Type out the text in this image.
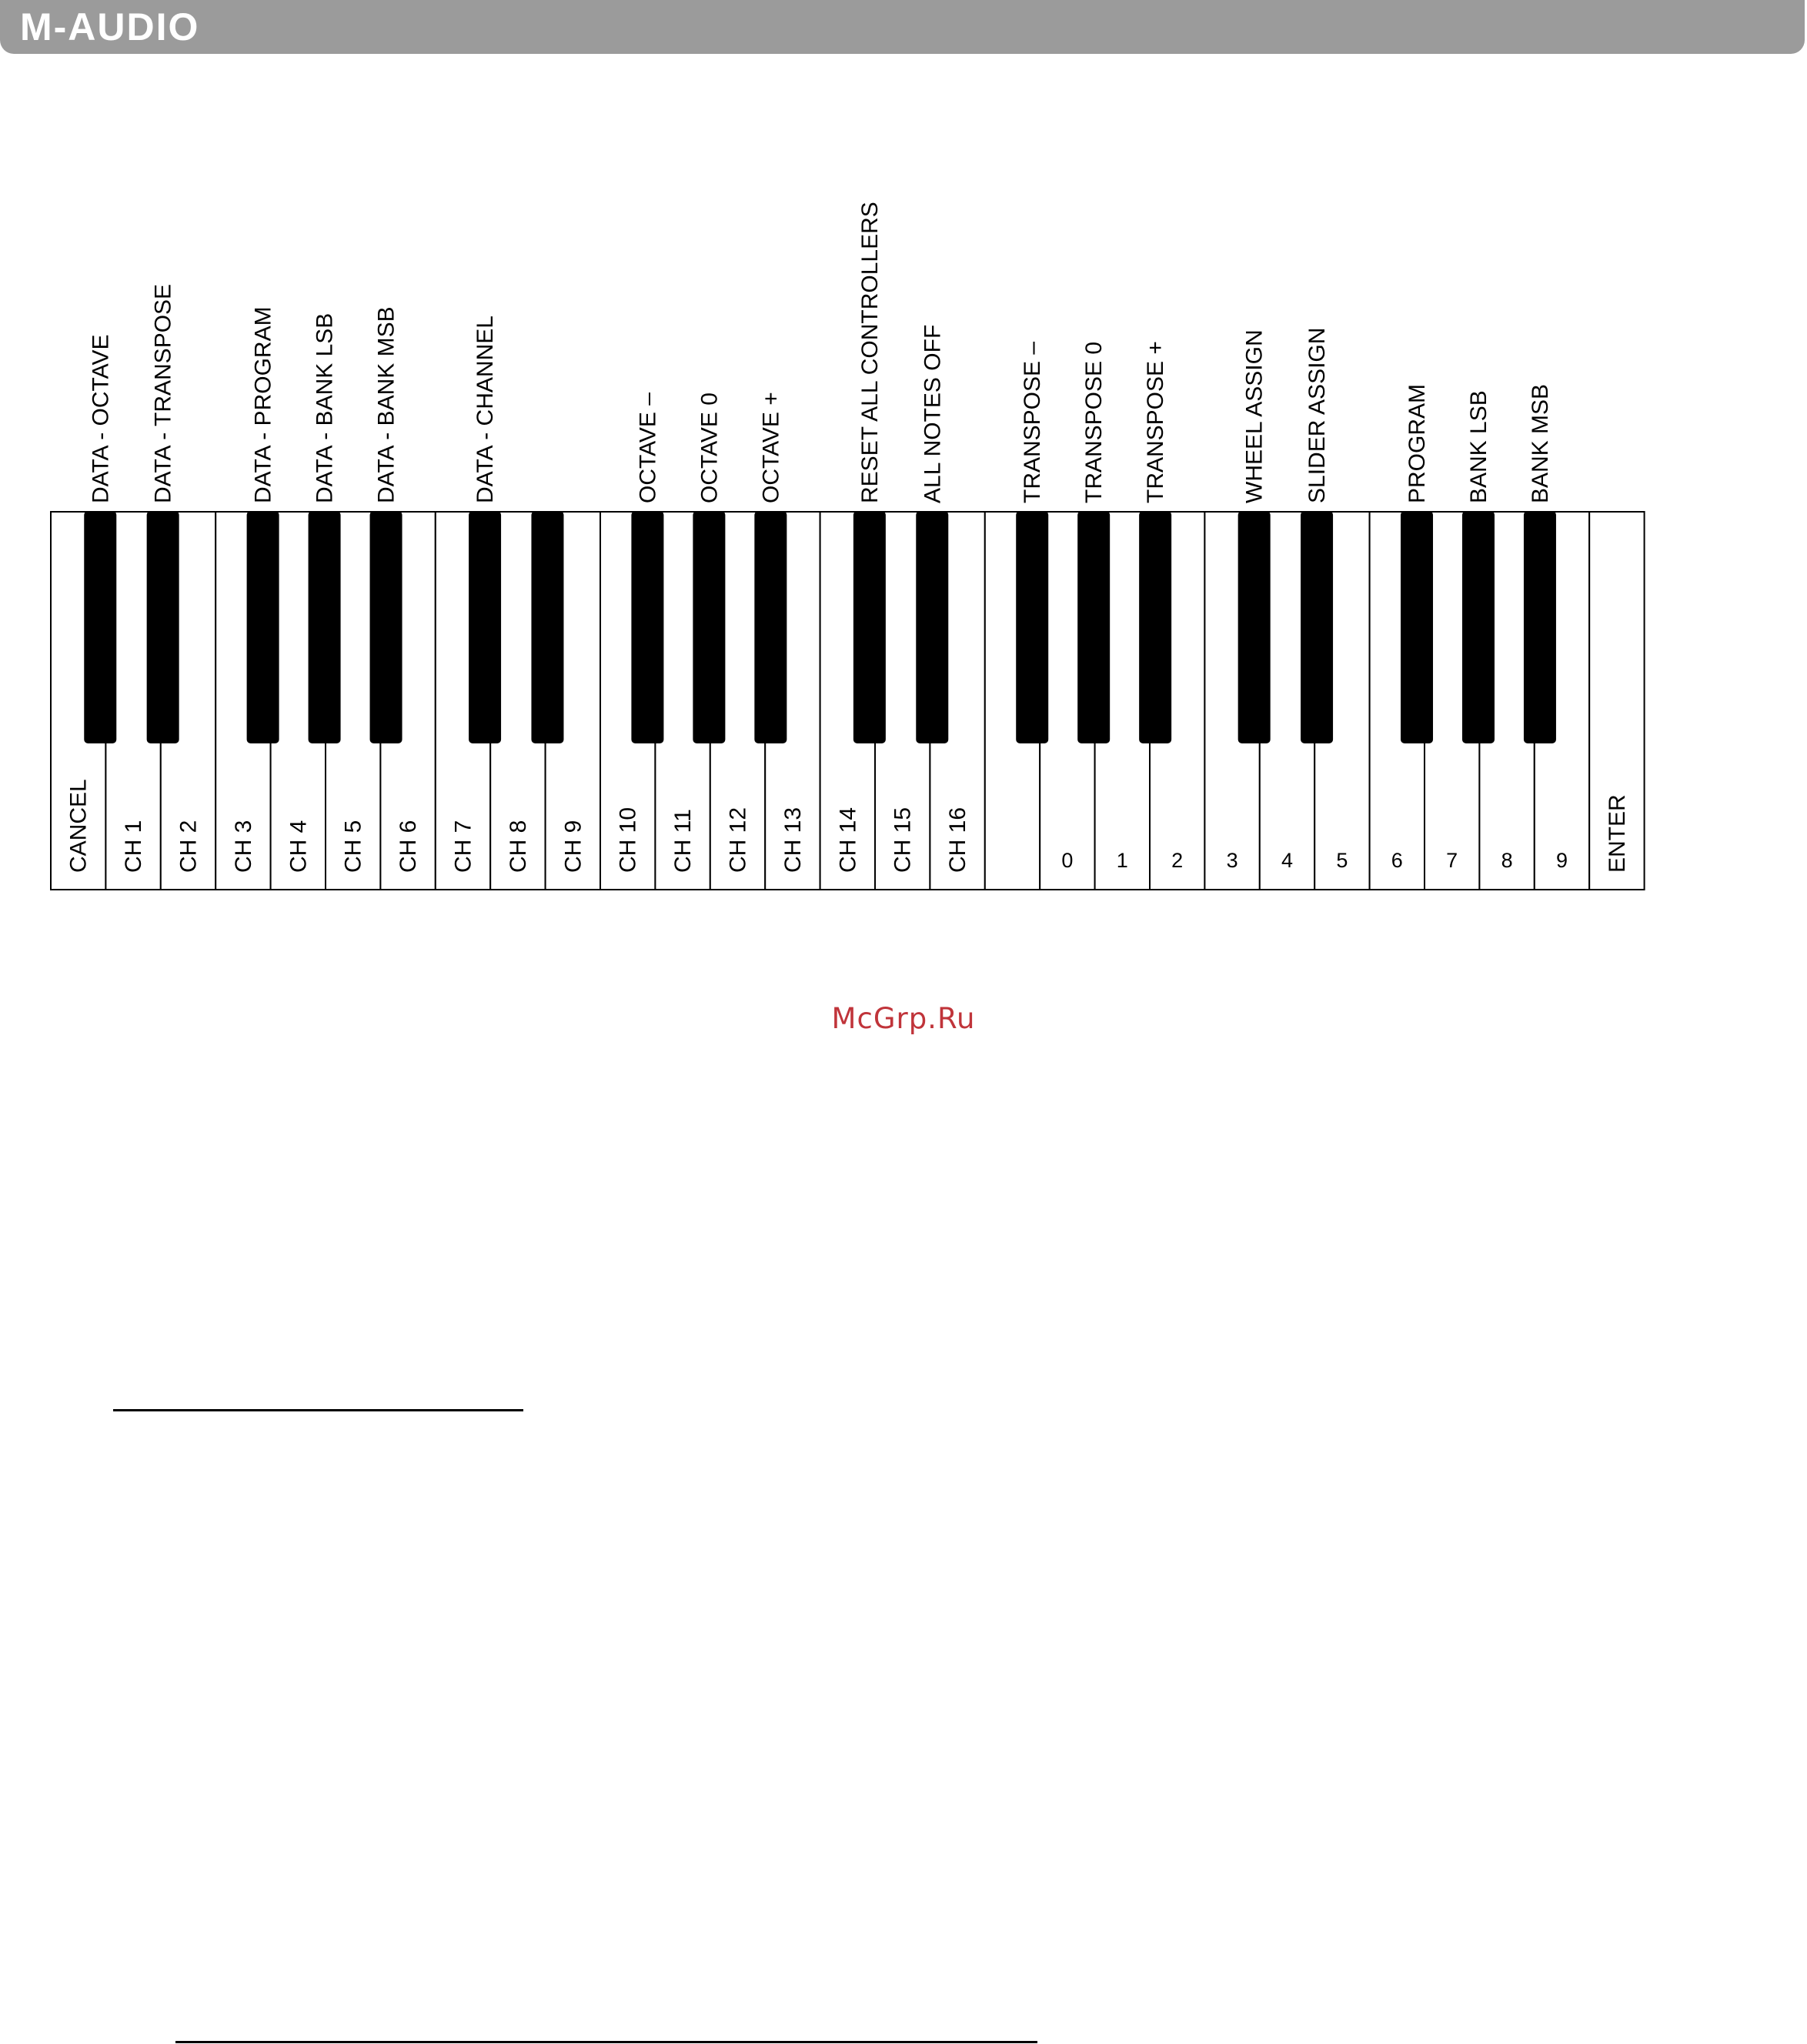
M-AUDIO
CANCEL CH 1 CH 2 CH 3 CH 4 CH 5 CH 6 CH 7 CH 8 CH 9 CH 10 CH 11 CH 12 CH 13 CH 14 CH 15 CH 16	0 1 2 3 4 5 6 7 8 9 ENTER
DATA - OCTAVE DATA - TRANSPOSE	DATA - PROGRAM DATA - BANK LSB DATA - BANK MSB	DATA - CHANNEL	OCTAVE – OCTAVE 0 OCTAVE +	RESET ALL CONTROLLERS ALL NOTES OFF	TRANSPOSE – TRANSPOSE 0 TRANSPOSE +	WHEEL ASSIGN SLIDER ASSIGN	PROGRAM BANK LSB BANK MSB
McGrp.Ru
